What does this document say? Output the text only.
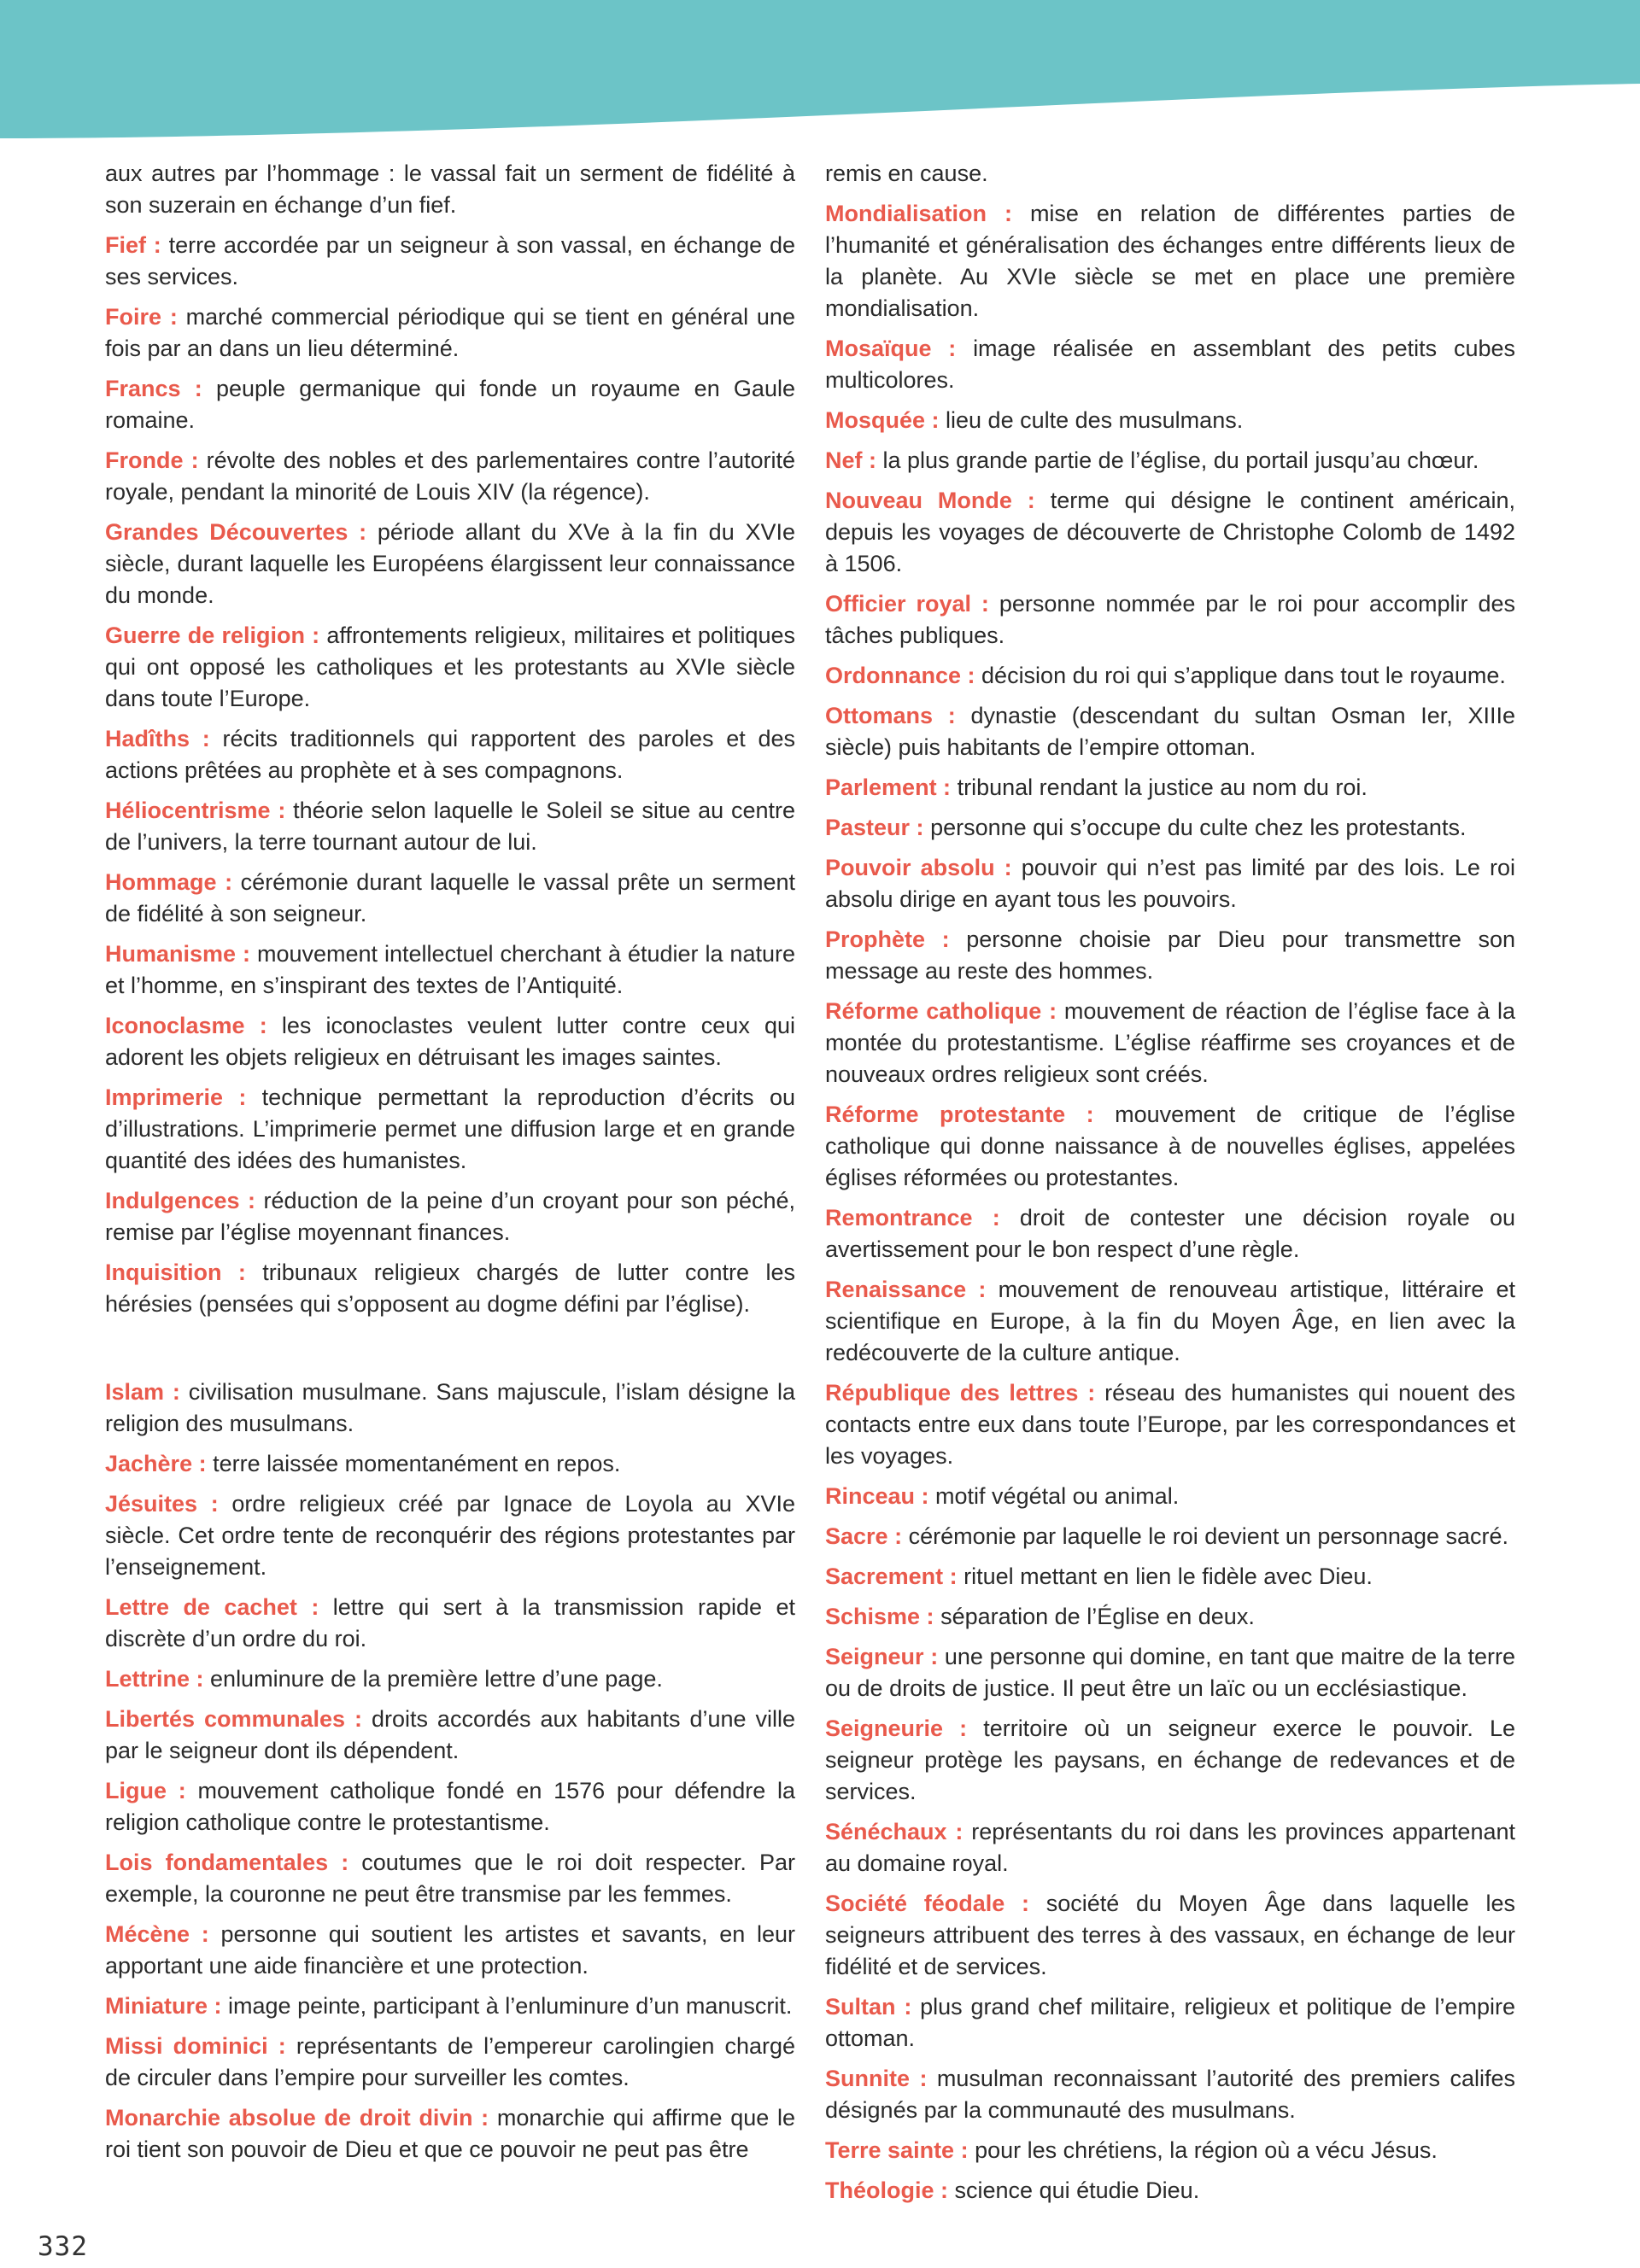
aux autres par l’hommage : le vassal fait un serment de fidélité à son suzerain en échange d’un fief.

Fief : terre accordée par un seigneur à son vassal, en échange de ses services.

Foire : marché commercial périodique qui se tient en général une fois par an dans un lieu déterminé.

Francs : peuple germanique qui fonde un royaume en Gaule romaine.

Fronde : révolte des nobles et des parlementaires contre l’autorité royale, pendant la minorité de Louis XIV (la régence).

Grandes Découvertes : période allant du XVe à la fin du XVIe siècle, durant laquelle les Européens élargissent leur connaissance du monde.

Guerre de religion : affrontements religieux, militaires et politiques qui ont opposé les catholiques et les protestants au XVIe siècle dans toute l’Europe.

Hadîths : récits traditionnels qui rapportent des paroles et des actions prêtées au prophète et à ses compagnons.

Héliocentrisme : théorie selon laquelle le Soleil se situe au centre de l’univers, la terre tournant autour de lui.

Hommage : cérémonie durant laquelle le vassal prête un serment de fidélité à son seigneur.

Humanisme : mouvement intellectuel cherchant à étudier la nature et l’homme, en s’inspirant des textes de l’Antiquité.

Iconoclasme : les iconoclastes veulent lutter contre ceux qui adorent les objets religieux en détruisant les images saintes.

Imprimerie : technique permettant la reproduction d’écrits ou d’illustrations. L’imprimerie permet une diffusion large et en grande quantité des idées des humanistes.

Indulgences : réduction de la peine d’un croyant pour son péché, remise par l’église moyennant finances.

Inquisition : tribunaux religieux chargés de lutter contre les hérésies (pensées qui s’opposent au dogme défini par l’église).

Islam : civilisation musulmane. Sans majuscule, l’islam désigne la religion des musulmans.

Jachère : terre laissée momentanément en repos.

Jésuites : ordre religieux créé par Ignace de Loyola au XVIe siècle. Cet ordre tente de reconquérir des régions protestantes par l’enseignement.

Lettre de cachet : lettre qui sert à la transmission rapide et discrète d’un ordre du roi.

Lettrine : enluminure de la première lettre d’une page.

Libertés communales : droits accordés aux habitants d’une ville par le seigneur dont ils dépendent.

Ligue : mouvement catholique fondé en 1576 pour défendre la religion catholique contre le protestantisme.

Lois fondamentales : coutumes que le roi doit respecter. Par exemple, la couronne ne peut être transmise par les femmes.

Mécène : personne qui soutient les artistes et savants, en leur apportant une aide financière et une protection.

Miniature : image peinte, participant à l’enluminure d’un manuscrit.

Missi dominici : représentants de l’empereur carolingien chargé de circuler dans l’empire pour surveiller les comtes.

Monarchie absolue de droit divin : monarchie qui affirme que le roi tient son pouvoir de Dieu et que ce pouvoir ne peut pas être

remis en cause.

Mondialisation : mise en relation de différentes parties de l’humanité et généralisation des échanges entre différents lieux de la planète. Au XVIe siècle se met en place une première mondialisation.

Mosaïque : image réalisée en assemblant des petits cubes multicolores.

Mosquée : lieu de culte des musulmans.

Nef : la plus grande partie de l’église, du portail jusqu’au chœur.

Nouveau Monde : terme qui désigne le continent américain, depuis les voyages de découverte de Christophe Colomb de 1492 à 1506.

Officier royal : personne nommée par le roi pour accomplir des tâches publiques.

Ordonnance : décision du roi qui s’applique dans tout le royaume.

Ottomans : dynastie (descendant du sultan Osman Ier, XIIIe siècle) puis habitants de l’empire ottoman.

Parlement : tribunal rendant la justice au nom du roi.

Pasteur : personne qui s’occupe du culte chez les protestants.

Pouvoir absolu : pouvoir qui n’est pas limité par des lois. Le roi absolu dirige en ayant tous les pouvoirs.

Prophète : personne choisie par Dieu pour transmettre son message au reste des hommes.

Réforme catholique : mouvement de réaction de l’église face à la montée du protestantisme. L’église réaffirme ses croyances et de nouveaux ordres religieux sont créés.

Réforme protestante : mouvement de critique de l’église catholique qui donne naissance à de nouvelles églises, appelées églises réformées ou protestantes.

Remontrance : droit de contester une décision royale ou avertissement pour le bon respect d’une règle.

Renaissance : mouvement de renouveau artistique, littéraire et scientifique en Europe, à la fin du Moyen Âge, en lien avec la redécouverte de la culture antique.

République des lettres : réseau des humanistes qui nouent des contacts entre eux dans toute l’Europe, par les correspondances et les voyages.

Rinceau : motif végétal ou animal.

Sacre : cérémonie par laquelle le roi devient un personnage sacré.

Sacrement : rituel mettant en lien le fidèle avec Dieu.

Schisme : séparation de l’Église en deux.

Seigneur : une personne qui domine, en tant que maitre de la terre ou de droits de justice. Il peut être un laïc ou un ecclésiastique.

Seigneurie : territoire où un seigneur exerce le pouvoir. Le seigneur protège les paysans, en échange de redevances et de services.

Sénéchaux : représentants du roi dans les provinces appartenant au domaine royal.

Société féodale : société du Moyen Âge dans laquelle les seigneurs attribuent des terres à des vassaux, en échange de leur fidélité et de services.

Sultan : plus grand chef militaire, religieux et politique de l’empire ottoman.

Sunnite : musulman reconnaissant l’autorité des premiers califes désignés par la communauté des musulmans.

Terre sainte : pour les chrétiens, la région où a vécu Jésus.

Théologie : science qui étudie Dieu.

332
